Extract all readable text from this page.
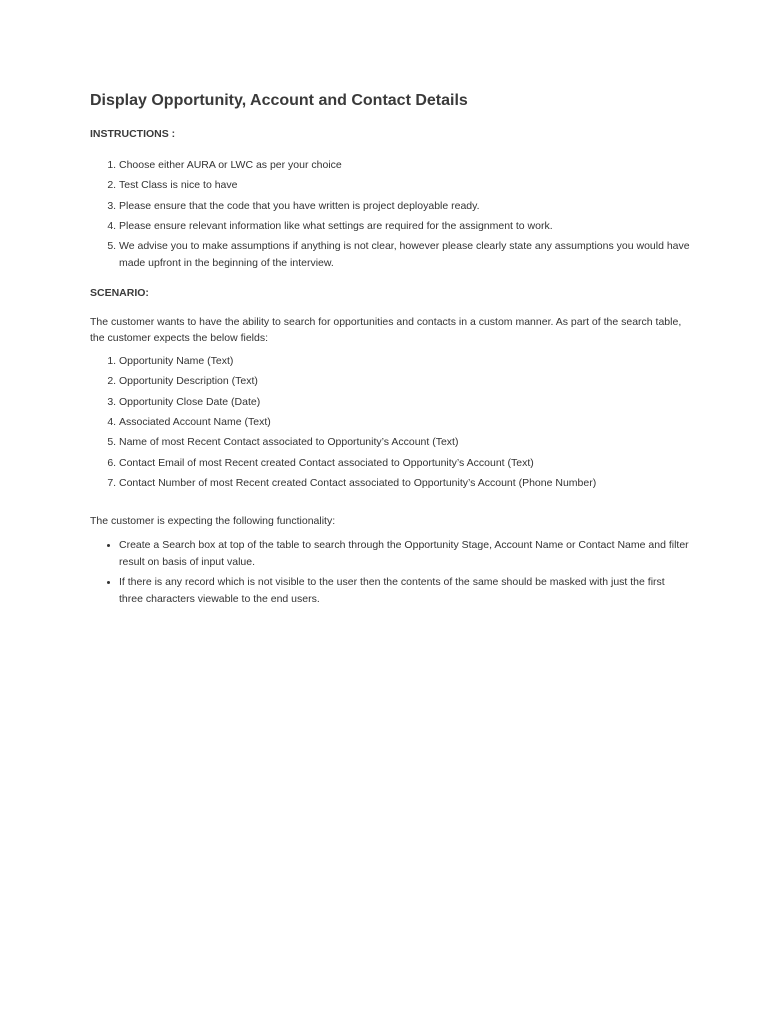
Display Opportunity, Account and Contact Details

INSTRUCTIONS :

1. Choose either AURA or LWC as per your choice
2. Test Class is nice to have
3. Please ensure that the code that you have written is project deployable ready.
4. Please ensure relevant information like what settings are required for the assignment to work.
5. We advise you to make assumptions if anything is not clear, however please clearly state any assumptions you would have made upfront in the beginning of the interview.

SCENARIO:

The customer wants to have the ability to search for opportunities and contacts in a custom manner. As part of the search table, the customer expects the below fields:

1. Opportunity Name (Text)
2. Opportunity Description (Text)
3. Opportunity Close Date (Date)
4. Associated Account Name (Text)
5. Name of most Recent Contact associated to Opportunity’s Account (Text)
6. Contact Email of most Recent created Contact associated to Opportunity’s Account (Text)
7. Contact Number of most Recent created Contact associated to Opportunity’s Account (Phone Number)

The customer is expecting the following functionality:

• Create a Search box at top of the table to search through the Opportunity Stage, Account Name or Contact Name and filter result on basis of input value.
• If there is any record which is not visible to the user then the contents of the same should be masked with just the first three characters viewable to the end users.
